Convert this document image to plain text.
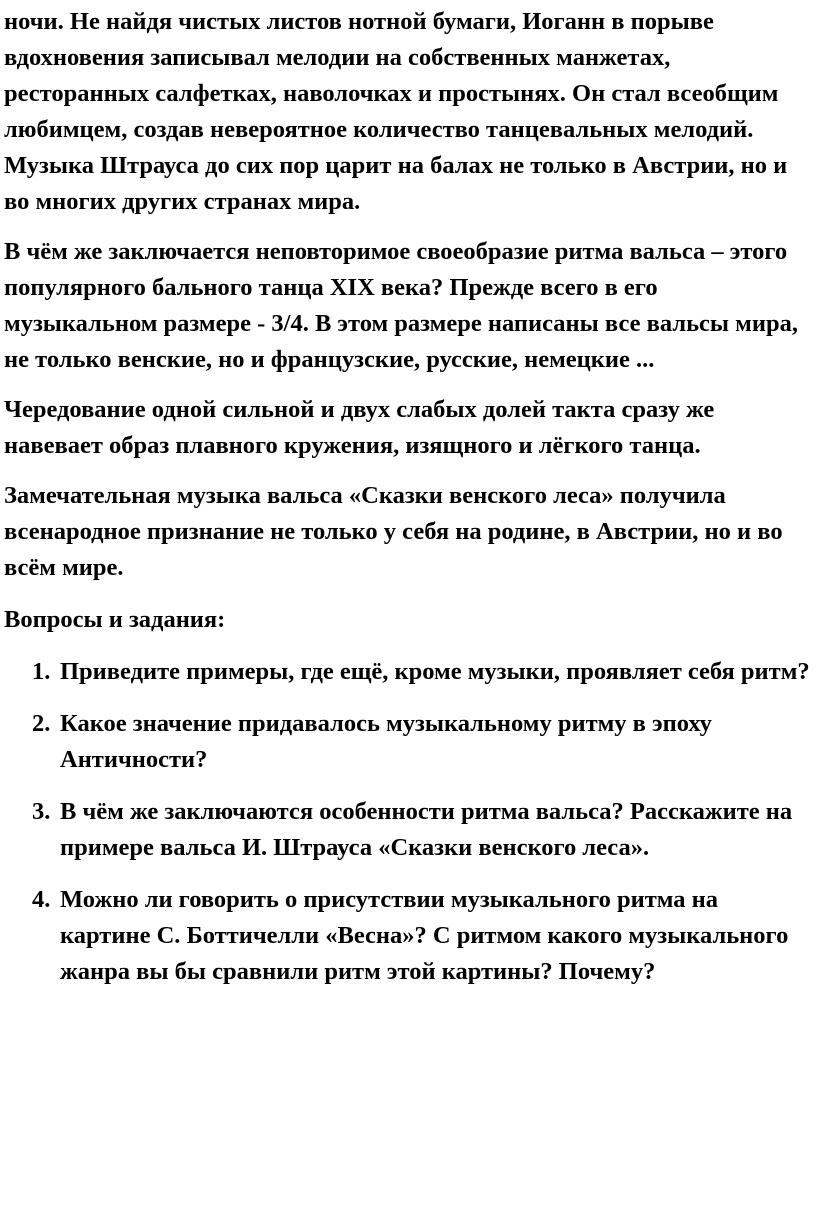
ночи. Не найдя чистых листов нотной бумаги, Иоганн в порыве вдохновения записывал мелодии на собственных манжетах, ресторанных салфетках, наволочках и простынях. Он стал всеобщим любимцем, создав невероятное количество танцевальных мелодий.

Музыка Штрауса до сих пор царит на балах не только в Австрии, но и во многих других странах мира.

В чём же заключается неповторимое своеобразие ритма вальса – этого популярного бального танца XIX века? Прежде всего в его музыкальном размере - 3/4. В этом размере написаны все вальсы мира, не только венские, но и французские, русские, немецкие ...

Чередование одной сильной и двух слабых долей такта сразу же навевает образ плавного кружения, изящного и лёгкого танца.

Замечательная музыка вальса «Сказки венского леса» получила всенародное признание не только у себя на родине, в Австрии, но и во всём мире.

Вопросы и задания:

1. Приведите примеры, где ещё, кроме музыки, проявляет себя ритм?
2. Какое значение придавалось музыкальному ритму в эпоху Античности?
3. В чём же заключаются особенности ритма вальса? Расскажите на примере вальса И. Штрауса «Сказки венского леса».
4. Можно ли говорить о присутствии музыкального ритма на картине С. Боттичелли «Весна»? С ритмом какого музыкального жанра вы бы сравнили ритм этой картины? Почему?
